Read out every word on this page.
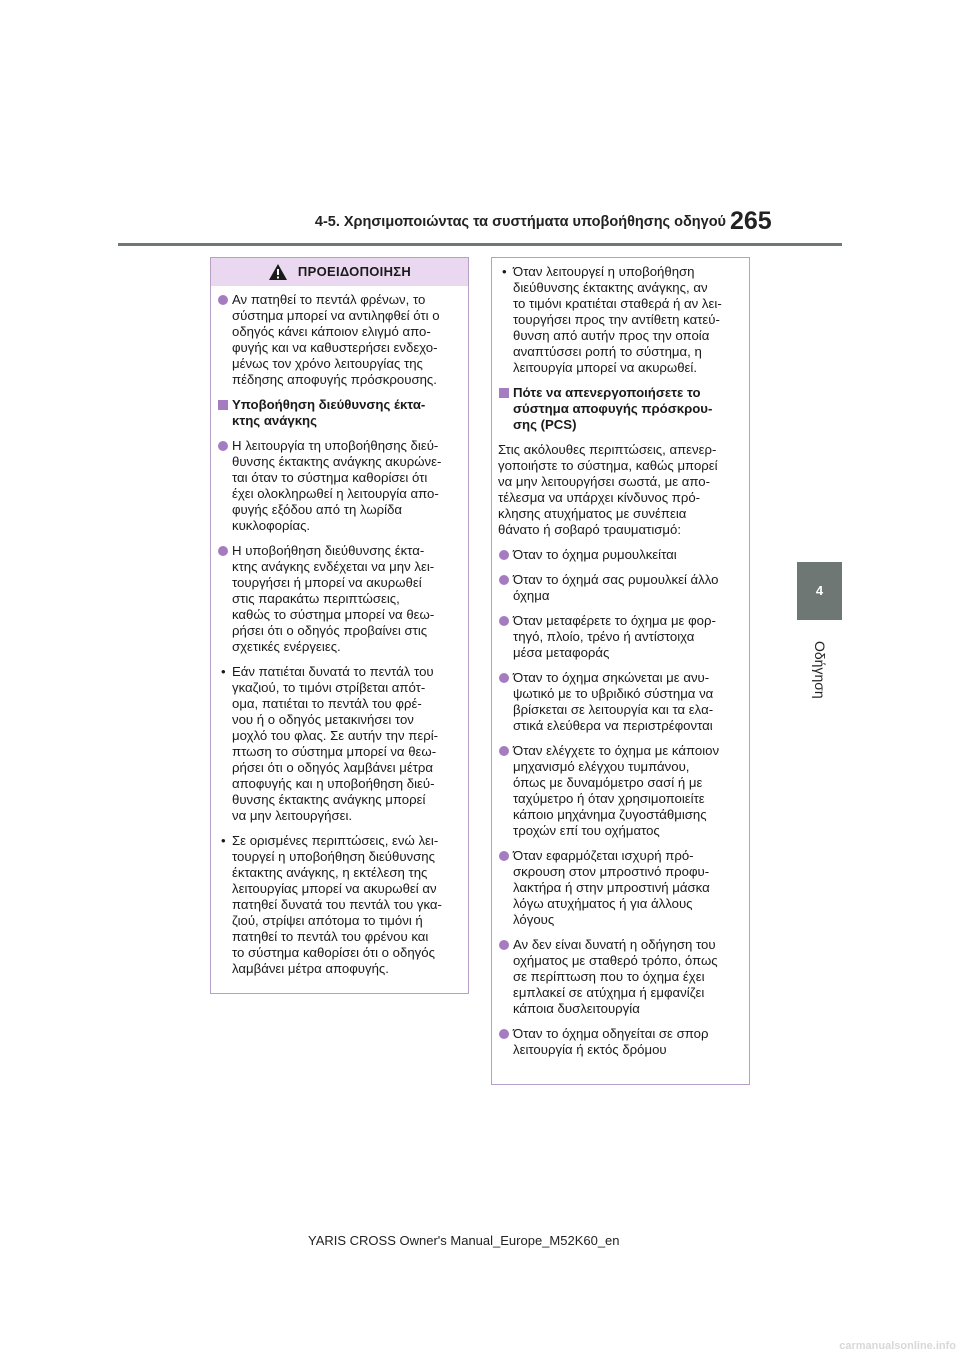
4-5. Χρησιμοποιώντας τα συστήματα υποβοήθησης οδηγού 265
4
Οδήγηση
ΠΡΟΕΙΔΟΠΟΙΗΣΗ
Αν πατηθεί το πεντάλ φρένων, το
σύστημα μπορεί να αντιληφθεί ότι ο
οδηγός κάνει κάποιον ελιγμό απο-
φυγής και να καθυστερήσει ενδεχο-
μένως τον χρόνο λειτουργίας της
πέδησης αποφυγής πρόσκρουσης.
Υποβοήθηση διεύθυνσης έκτα-
κτης ανάγκης
Η λειτουργία τη υποβοήθησης διεύ-
θυνσης έκτακτης ανάγκης ακυρώνε-
ται όταν το σύστημα καθορίσει ότι
έχει ολοκληρωθεί η λειτουργία απο-
φυγής εξόδου από τη λωρίδα
κυκλοφορίας.
Η υποβοήθηση διεύθυνσης έκτα-
κτης ανάγκης ενδέχεται να μην λει-
τουργήσει ή μπορεί να ακυρωθεί
στις παρακάτω περιπτώσεις,
καθώς το σύστημα μπορεί να θεω-
ρήσει ότι ο οδηγός προβαίνει στις
σχετικές ενέργειες.
• Εάν πατιέται δυνατά το πεντάλ του
γκαζιού, το τιμόνι στρίβεται απότ-
ομα, πατιέται το πεντάλ του φρέ-
νου ή ο οδηγός μετακινήσει τον
μοχλό του φλας. Σε αυτήν την περί-
πτωση το σύστημα μπορεί να θεω-
ρήσει ότι ο οδηγός λαμβάνει μέτρα
αποφυγής και η υποβοήθηση διεύ-
θυνσης έκτακτης ανάγκης μπορεί
να μην λειτουργήσει.
• Σε ορισμένες περιπτώσεις, ενώ λει-
τουργεί η υποβοήθηση διεύθυνσης
έκτακτης ανάγκης, η εκτέλεση της
λειτουργίας μπορεί να ακυρωθεί αν
πατηθεί δυνατά του πεντάλ του γκα-
ζιού, στρίψει απότομα το τιμόνι ή
πατηθεί το πεντάλ του φρένου και
το σύστημα καθορίσει ότι ο οδηγός
λαμβάνει μέτρα αποφυγής.
• Όταν λειτουργεί η υποβοήθηση
διεύθυνσης έκτακτης ανάγκης, αν
το τιμόνι κρατιέται σταθερά ή αν λει-
τουργήσει προς την αντίθετη κατεύ-
θυνση από αυτήν προς την οποία
αναπτύσσει ροπή το σύστημα, η
λειτουργία μπορεί να ακυρωθεί.
Πότε να απενεργοποιήσετε το
σύστημα αποφυγής πρόσκρου-
σης (PCS)
Στις ακόλουθες περιπτώσεις, απενερ-
γοποιήστε το σύστημα, καθώς μπορεί
να μην λειτουργήσει σωστά, με απο-
τέλεσμα να υπάρχει κίνδυνος πρό-
κλησης ατυχήματος με συνέπεια
θάνατο ή σοβαρό τραυματισμό:
Όταν το όχημα ρυμουλκείται
Όταν το όχημά σας ρυμουλκεί άλλο
όχημα
Όταν μεταφέρετε το όχημα με φορ-
τηγό, πλοίο, τρένο ή αντίστοιχα
μέσα μεταφοράς
Όταν το όχημα σηκώνεται με ανυ-
ψωτικό με το υβριδικό σύστημα να
βρίσκεται σε λειτουργία και τα ελα-
στικά ελεύθερα να περιστρέφονται
Όταν ελέγχετε το όχημα με κάποιον
μηχανισμό ελέγχου τυμπάνου,
όπως με δυναμόμετρο σασί ή με
ταχύμετρο ή όταν χρησιμοποιείτε
κάποιο μηχάνημα ζυγοστάθμισης
τροχών επί του οχήματος
Όταν εφαρμόζεται ισχυρή πρό-
σκρουση στον μπροστινό προφυ-
λακτήρα ή στην μπροστινή μάσκα
λόγω ατυχήματος ή για άλλους
λόγους
Αν δεν είναι δυνατή η οδήγηση του
οχήματος με σταθερό τρόπο, όπως
σε περίπτωση που το όχημα έχει
εμπλακεί σε ατύχημα ή εμφανίζει
κάποια δυσλειτουργία
Όταν το όχημα οδηγείται σε σπορ
λειτουργία ή εκτός δρόμου
YARIS CROSS Owner's Manual_Europe_M52K60_en
carmanualsonline.info
